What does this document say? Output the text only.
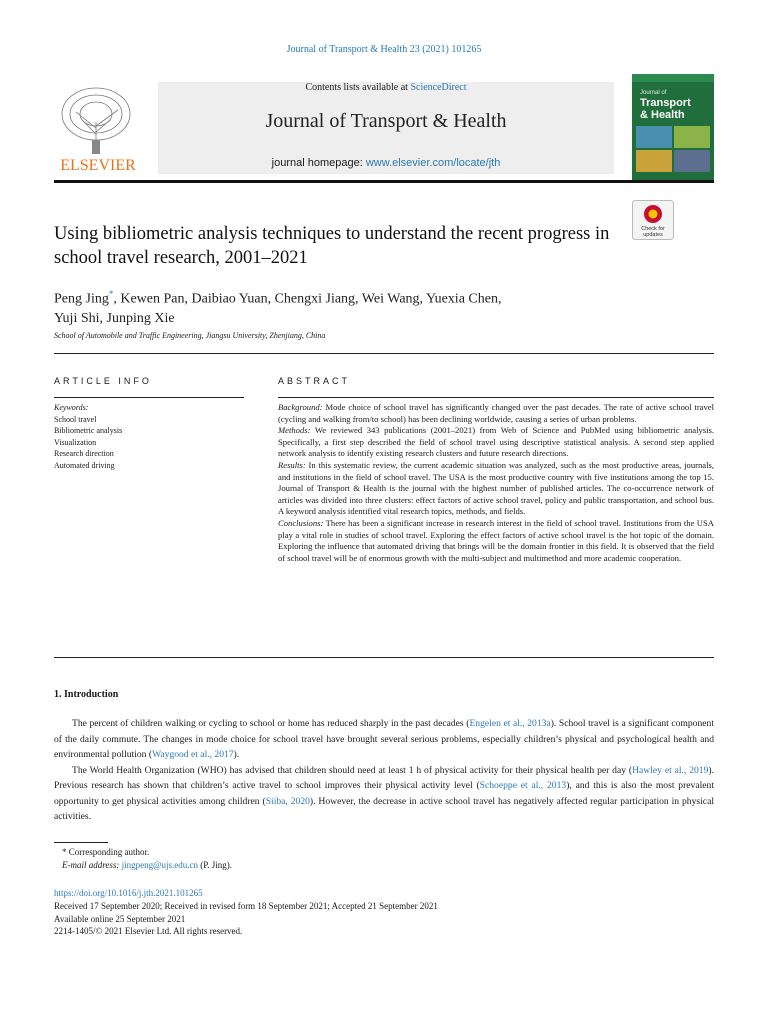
Journal of Transport & Health 23 (2021) 101265
ELSEVIER
Contents lists available at ScienceDirect
Journal of Transport & Health
journal homepage: www.elsevier.com/locate/jth
Journal of
Transport
& Health
Using bibliometric analysis techniques to understand the recent progress in school travel research, 2001–2021
Check for
updates
Peng Jing*, Kewen Pan, Daibiao Yuan, Chengxi Jiang, Wei Wang, Yuexia Chen,
Yuji Shi, Junping Xie
School of Automobile and Traffic Engineering, Jiangsu University, Zhenjiang, China
ARTICLE INFO	ABSTRACT
Keywords:
School travel
Bibliometric analysis
Visualization
Research direction
Automated driving

Background: Mode choice of school travel has significantly changed over the past decades. The rate of active school travel (cycling and walking from/to school) has been declining worldwide, causing a series of urban problems.

Methods: We reviewed 343 publications (2001–2021) from Web of Science and PubMed using bibliometric analysis. Specifically, a first step described the field of school travel using descriptive statistical analysis. A second step applied network analysis to identify existing research clusters and future research directions.

Results: In this systematic review, the current academic situation was analyzed, such as the most productive areas, journals, and institutions in the field of school travel. The USA is the most productive country with five institutions among the top 15. Journal of Transport & Health is the journal with the highest number of published articles. The co-occurrence network of articles was divided into three clusters: effect factors of active school travel, policy and public transportation, and school bus. A keyword analysis identified vital research topics, methods, and fields.

Conclusions: There has been a significant increase in research interest in the field of school travel. Institutions from the USA play a vital role in studies of school travel. Exploring the effect factors of active school travel is the hot topic of the domain. Exploring the influence that automated driving that brings will be the domain frontier in this field. It is observed that the field of school travel will be of enormous growth with the multi-subject and multimethod and more academic cooperation.

1. Introduction

The percent of children walking or cycling to school or home has reduced sharply in the past decades (Engelen et al., 2013a). School travel is a significant component of the daily commute. The changes in mode choice for school travel have brought several serious problems, especially children’s physical and psychological health and environmental pollution (Waygood et al., 2017).

The World Health Organization (WHO) has advised that children should need at least 1 h of physical activity for their physical health per day (Hawley et al., 2019). Previous research has shown that children’s active travel to school improves their physical activity level (Schoeppe et al., 2013), and this is also the most prevalent opportunity to get physical activities among children (Siiba, 2020). However, the decrease in active school travel has negatively affected regular participation in physical activities.

* Corresponding author.
E-mail address: jingpeng@ujs.edu.cn (P. Jing).
https://doi.org/10.1016/j.jth.2021.101265
Received 17 September 2020; Received in revised form 18 September 2021; Accepted 21 September 2021
Available online 25 September 2021
2214-1405/© 2021 Elsevier Ltd. All rights reserved.
